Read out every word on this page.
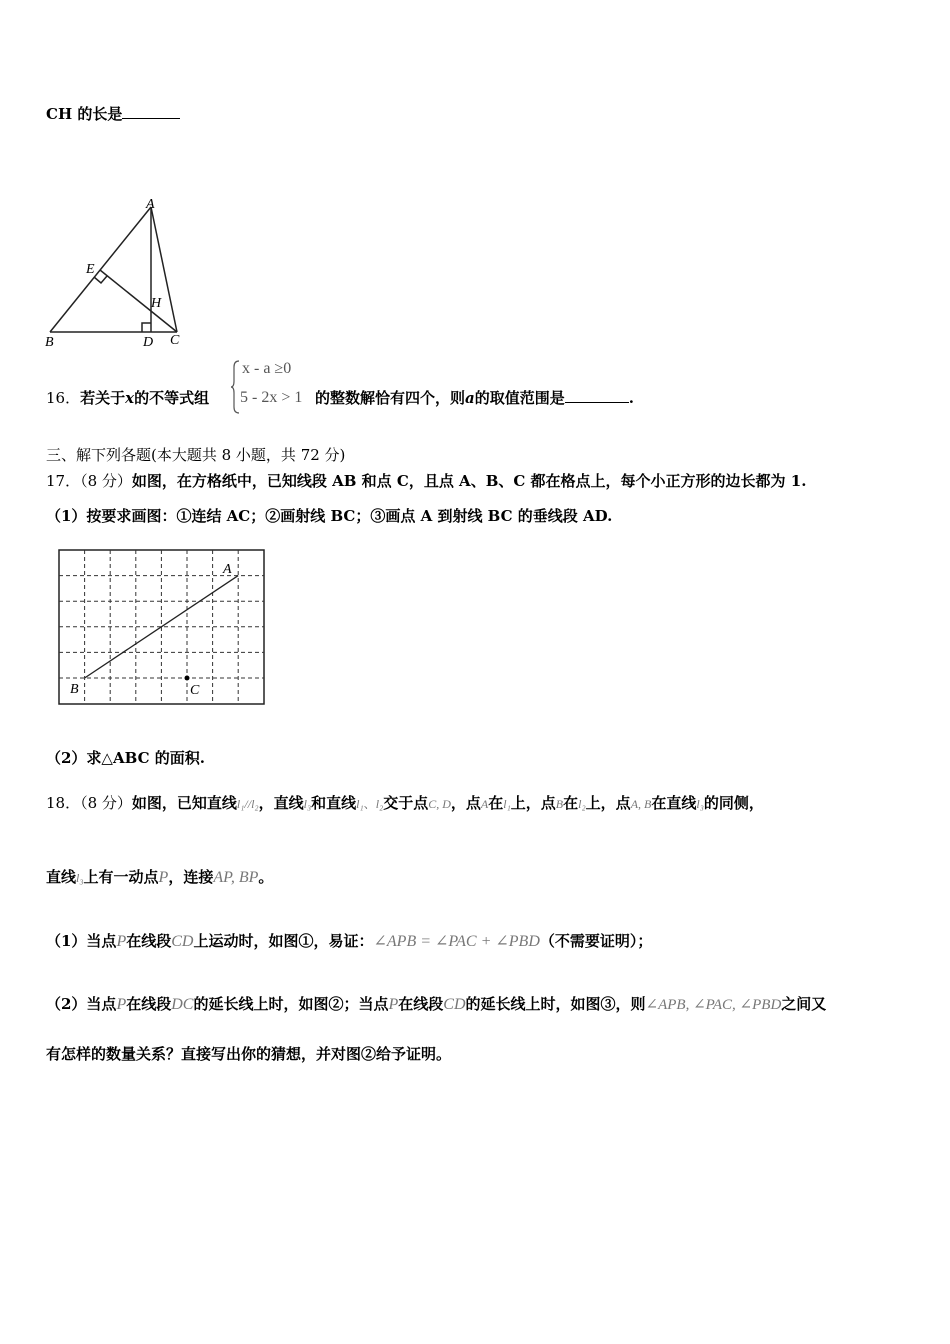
CH 的长是
A
E
H
B	D C
16．若关于x的不等式组
x - a ≥0
5 - 2x > 1 的整数解恰有四个，则a的取值范围是	.
三、解下列各题(本大题共 8 小题，共 72 分)
17．（8 分）如图，在方格纸中，已知线段 AB 和点 C，且点 A、B、C 都在格点上，每个小正方形的边长都为 1.
（1）按要求画图：①连结 AC；②画射线 BC；③画点 A 到射线 BC 的垂线段 AD.
A
B	C
（2）求△ABC 的面积.
18．（8 分）如图，已知直线l₁//l₂，直线l₃和直线l₁、l₂交于点C, D，点A在l₁上，点B在l₂上，点A, B在直线l₃的同侧，
直线l₃上有一动点P，连接AP, BP。
（1）当点P在线段CD上运动时，如图①，易证：∠APB = ∠PAC + ∠PBD（不需要证明）；
（2）当点P在线段DC的延长线上时，如图②；当点P在线段CD的延长线上时，如图③，则∠APB, ∠PAC, ∠PBD之间又
有怎样的数量关系？直接写出你的猜想，并对图②给予证明。
